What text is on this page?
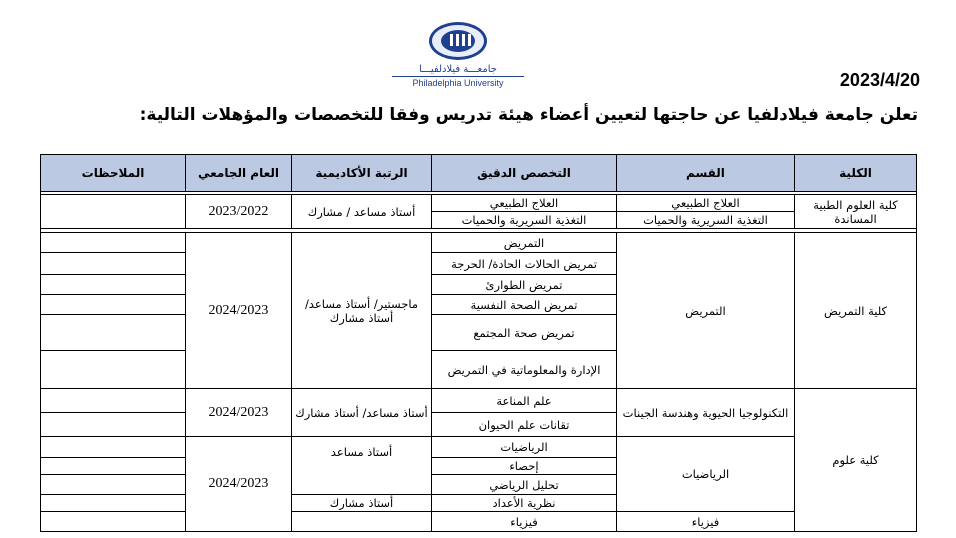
جامعـــة فيلادلفيـــا
Philadelphia University	2023/4/20
تعلن جامعة فيلادلفيا عن حاجتها لتعيين أعضاء هيئة تدريس وفقا للتخصصات والمؤهلات التالية:
الكلية	القسم	التخصص الدقيق	الرتبة الأكاديمية	العام الجامعي	الملاحظات

كلية العلوم الطبية المساندة	العلاج الطبيعي	العلاج الطبيعي	أستاذ مساعد / مشارك	2023/2022	
	التغذية السريرية والحميات	التغذية السريرية والحميات			

كلية التمريض	التمريض	التمريض	ماجستير/ أستاذ مساعد/ أستاذ مشارك	2024/2023	
		تمريض الحالات الحادة/ الحرجة			
		تمريض الطوارئ			
		تمريض الصحة النفسية			
		تمريض صحة المجتمع			
		الإدارة والمعلوماتية في التمريض			
كلية علوم	التكنولوجيا الحيوية وهندسة الجينات	علم المناعة	أستاذ مساعد/ أستاذ مشارك	2024/2023	
		تقانات علم الحيوان			
	الرياضيات	الرياضيات	أستاذ مساعد	2024/2023	
		إحصاء			
		تحليل الرياضي			
		نظرية الأعداد	أستاذ مشارك		
	فيزياء	فيزياء			
